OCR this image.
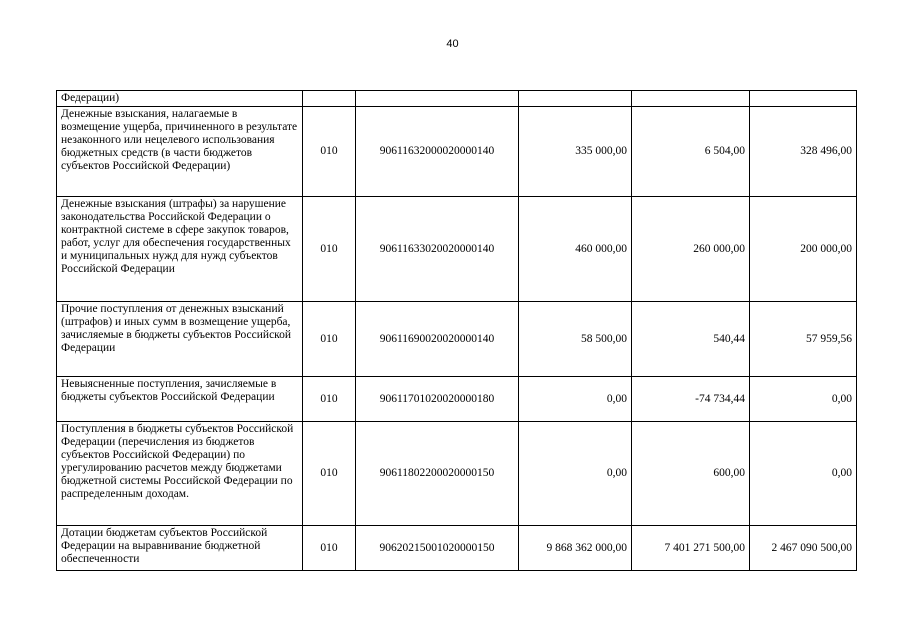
40
Федерации)					
Денежные взыскания, налагаемые в возмещение ущерба, причиненного в результате незаконного или нецелевого использования бюджетных средств (в части бюджетов субъектов Российской Федерации)	010	90611632000020000140	335 000,00	6 504,00	328 496,00
Денежные взыскания (штрафы) за нарушение законодательства Российской Федерации о контрактной системе в сфере закупок товаров, работ, услуг для обеспечения государственных и муниципальных нужд для нужд субъектов Российской Федерации	010	90611633020020000140	460 000,00	260 000,00	200 000,00
Прочие поступления от денежных взысканий (штрафов) и иных сумм в возмещение ущерба, зачисляемые в бюджеты субъектов Российской Федерации	010	90611690020020000140	58 500,00	540,44	57 959,56
Невыясненные поступления, зачисляемые в бюджеты субъектов Российской Федерации	010	90611701020020000180	0,00	-74 734,44	0,00
Поступления в бюджеты субъектов Российской Федерации (перечисления из бюджетов субъектов Российской Федерации) по урегулированию расчетов между бюджетами бюджетной системы Российской Федерации по распределенным доходам.	010	90611802200020000150	0,00	600,00	0,00
Дотации бюджетам субъектов Российской Федерации на выравнивание бюджетной обеспеченности	010	90620215001020000150	9 868 362 000,00	7 401 271 500,00	2 467 090 500,00
